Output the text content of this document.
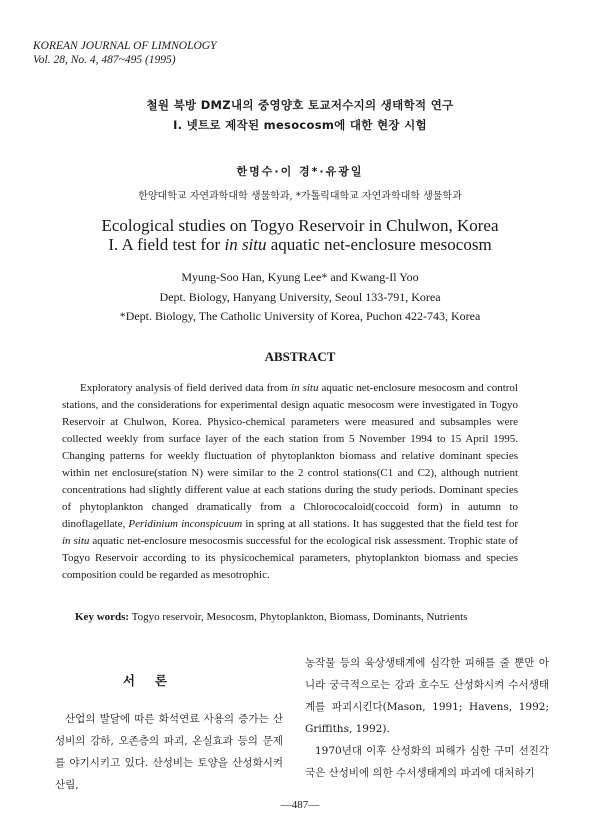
KOREAN JOURNAL OF LIMNOLOGY
Vol. 28, No. 4, 487~495 (1995)
철원 북방 DMZ내의 중영양호 토교저수지의 생태학적 연구
I. 넷트로 제작된 mesocosm에 대한 현장 시험
한명수·이 경*·유광일
한양대학교 자연과학대학 생물학과, *가톨릭대학교 자연과학대학 생물학과
Ecological studies on Togyo Reservoir in Chulwon, Korea
I. A field test for in situ aquatic net-enclosure mesocosm
Myung-Soo Han, Kyung Lee* and Kwang-Il Yoo
Dept. Biology, Hanyang University, Seoul 133-791, Korea
*Dept. Biology, The Catholic University of Korea, Puchon 422-743, Korea
ABSTRACT

Exploratory analysis of field derived data from in situ aquatic net-enclosure mesocosm and control stations, and the considerations for experimental design aquatic mesocosm were investigated in Togyo Reservoir at Chulwon, Korea. Physico-chemical parameters were measured and subsamples were collected weekly from surface layer of the each station from 5 November 1994 to 15 April 1995. Changing patterns for weekly fluctuation of phytoplankton biomass and relative dominant species within net enclosure(station N) were similar to the 2 control stations(C1 and C2), although nutrient concentrations had slightly different value at each stations during the study periods. Dominant species of phytoplankton changed dramatically from a Chlorococaloid(coccoid form) in autumn to dinoflagellate, Peridinium inconspicuum in spring at all stations. It has suggested that the field test for in situ aquatic net-enclosure mesocosmis successful for the ecological risk assessment. Trophic state of Togyo Reservoir according to its physicochemical parameters, phytoplankton biomass and species composition could be regarded as mesotrophic.

Key words: Togyo reservoir, Mesocosm, Phytoplankton, Biomass, Dominants, Nutrients
서론

산업의 발달에 따른 화석연료 사용의 증가는 산성비의 강하, 오존층의 파괴, 온실효과 등의 문제를 야기시키고 있다. 산성비는 토양을 산성화시켜 산림,

농작물 등의 육상생태계에 심각한 피해를 줄 뿐만 아니라 궁극적으로는 강과 호수도 산성화시켜 수서생태계를 파괴시킨다(Mason, 1991; Havens, 1992; Griffiths, 1992).

1970년대 이후 산성화의 피해가 심한 구미 선진각국은 산성비에 의한 수서생태계의 파괴에 대처하기

—487—
